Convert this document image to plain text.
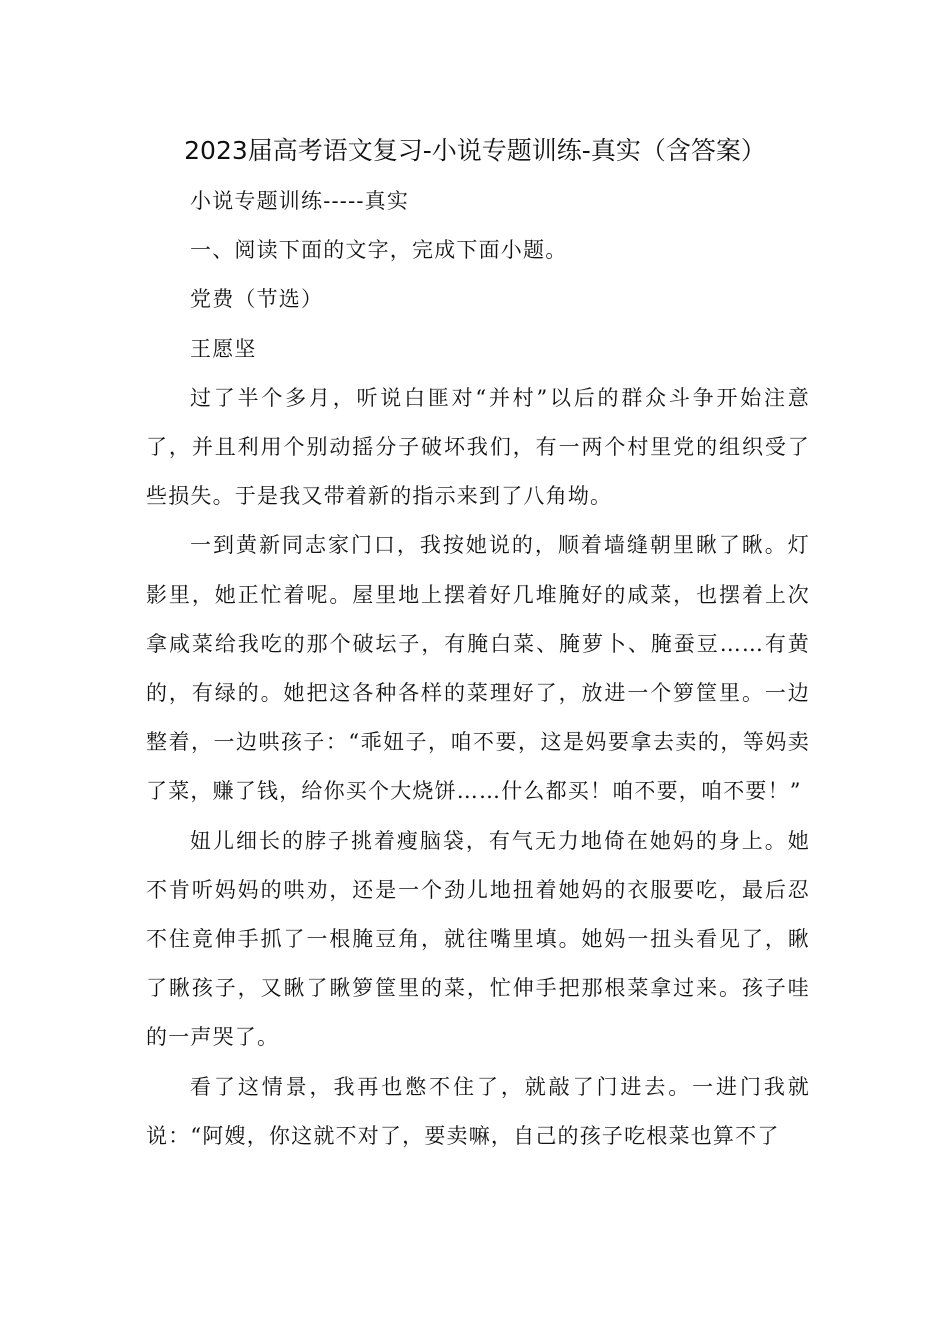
2023届高考语文复习-小说专题训练-真实（含答案）

小说专题训练-----真实

一、阅读下面的文字，完成下面小题。

党费（节选）

王愿坚

过了半个多月，听说白匪对“并村”以后的群众斗争开始注意了，并且利用个别动摇分子破坏我们，有一两个村里党的组织受了些损失。于是我又带着新的指示来到了八角坳。

一到黄新同志家门口，我按她说的，顺着墙缝朝里瞅了瞅。灯影里，她正忙着呢。屋里地上摆着好几堆腌好的咸菜，也摆着上次拿咸菜给我吃的那个破坛子，有腌白菜、腌萝卜、腌蚕豆……有黄的，有绿的。她把这各种各样的菜理好了，放进一个箩筐里。一边整着，一边哄孩子：“乖妞子，咱不要，这是妈要拿去卖的，等妈卖了菜，赚了钱，给你买个大烧饼……什么都买！咱不要，咱不要！”

妞儿细长的脖子挑着瘦脑袋，有气无力地倚在她妈的身上。她不肯听妈妈的哄劝，还是一个劲儿地扭着她妈的衣服要吃，最后忍不住竟伸手抓了一根腌豆角，就往嘴里填。她妈一扭头看见了，瞅了瞅孩子，又瞅了瞅箩筐里的菜，忙伸手把那根菜拿过来。孩子哇的一声哭了。

看了这情景，我再也憋不住了，就敲了门进去。一进门我就说：“阿嫂，你这就不对了，要卖嘛，自己的孩子吃根菜也算不了
